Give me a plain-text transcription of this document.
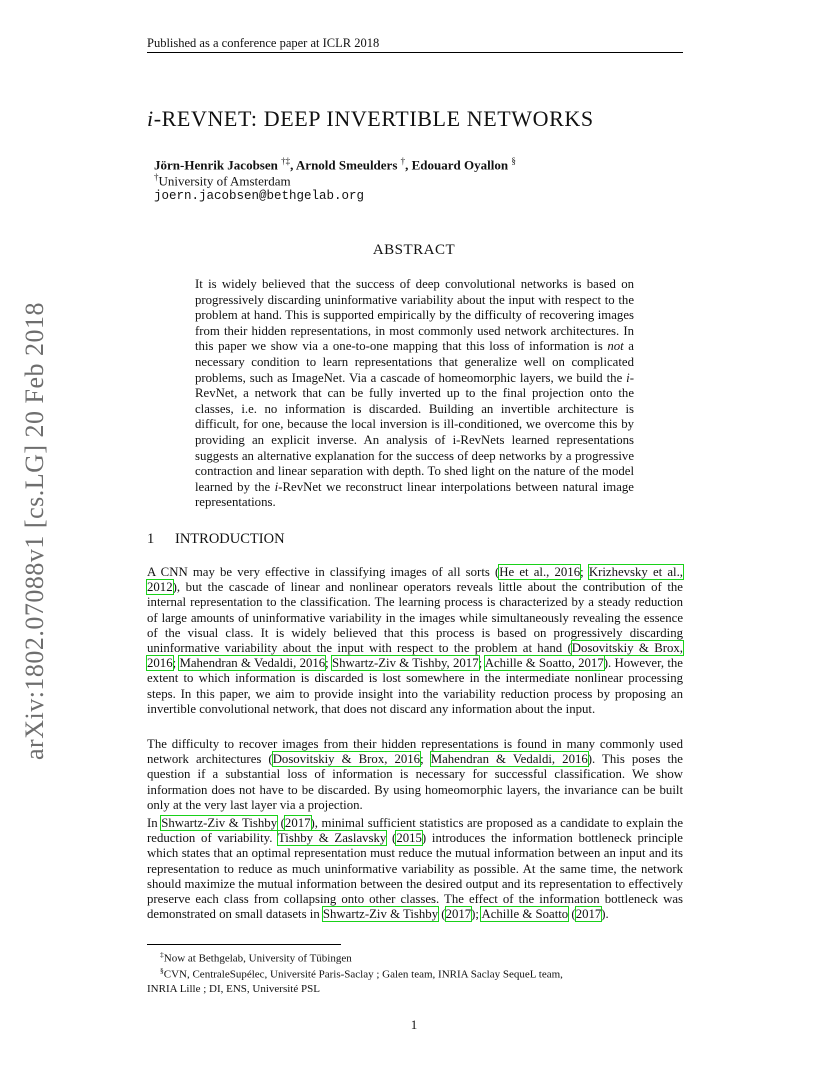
Published as a conference paper at ICLR 2018
arXiv:1802.07088v1 [cs.LG] 20 Feb 2018
i-REVNET: DEEP INVERTIBLE NETWORKS
Jörn-Henrik Jacobsen †‡, Arnold Smeulders †, Edouard Oyallon §
†University of Amsterdam
joern.jacobsen@bethgelab.org
ABSTRACT
It is widely believed that the success of deep convolutional networks is based on progressively discarding uninformative variability about the input with respect to the problem at hand. This is supported empirically by the difficulty of recovering images from their hidden representations, in most commonly used network architectures. In this paper we show via a one-to-one mapping that this loss of information is not a necessary condition to learn representations that generalize well on complicated problems, such as ImageNet. Via a cascade of homeomorphic layers, we build the i-RevNet, a network that can be fully inverted up to the final projection onto the classes, i.e. no information is discarded. Building an invertible architecture is difficult, for one, because the local inversion is ill-conditioned, we overcome this by providing an explicit inverse. An analysis of i-RevNets learned representations suggests an alternative explanation for the success of deep networks by a progressive contraction and linear separation with depth. To shed light on the nature of the model learned by the i-RevNet we reconstruct linear interpolations between natural image representations.
1 INTRODUCTION
A CNN may be very effective in classifying images of all sorts (He et al., 2016; Krizhevsky et al., 2012), but the cascade of linear and nonlinear operators reveals little about the contribution of the internal representation to the classification. The learning process is characterized by a steady reduction of large amounts of uninformative variability in the images while simultaneously revealing the essence of the visual class. It is widely believed that this process is based on progressively discarding uninformative variability about the input with respect to the problem at hand (Dosovitskiy & Brox, 2016; Mahendran & Vedaldi, 2016; Shwartz-Ziv & Tishby, 2017; Achille & Soatto, 2017). However, the extent to which information is discarded is lost somewhere in the intermediate nonlinear processing steps. In this paper, we aim to provide insight into the variability reduction process by proposing an invertible convolutional network, that does not discard any information about the input.
The difficulty to recover images from their hidden representations is found in many commonly used network architectures (Dosovitskiy & Brox, 2016; Mahendran & Vedaldi, 2016). This poses the question if a substantial loss of information is necessary for successful classification. We show information does not have to be discarded. By using homeomorphic layers, the invariance can be built only at the very last layer via a projection.
In Shwartz-Ziv & Tishby (2017), minimal sufficient statistics are proposed as a candidate to explain the reduction of variability. Tishby & Zaslavsky (2015) introduces the information bottleneck principle which states that an optimal representation must reduce the mutual information between an input and its representation to reduce as much uninformative variability as possible. At the same time, the network should maximize the mutual information between the desired output and its representation to effectively preserve each class from collapsing onto other classes. The effect of the information bottleneck was demonstrated on small datasets in Shwartz-Ziv & Tishby (2017); Achille & Soatto (2017).
‡Now at Bethgelab, University of Tübingen
§CVN, CentraleSupélec, Université Paris-Saclay ; Galen team, INRIA Saclay SequeL team, INRIA Lille ; DI, ENS, Université PSL
1
